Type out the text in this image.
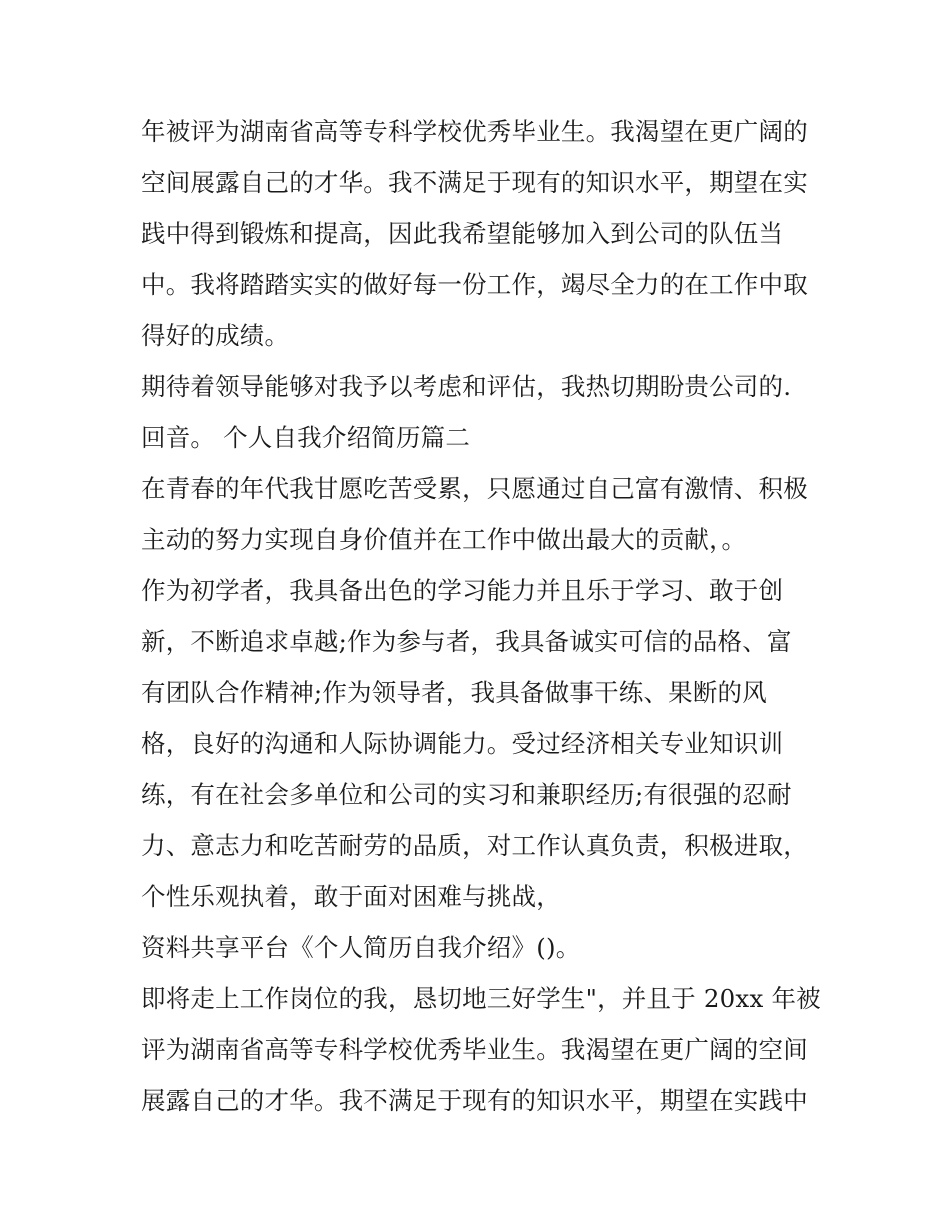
年被评为湖南省高等专科学校优秀毕业生。我渴望在更广阔的
空间展露自己的才华。我不满足于现有的知识水平，期望在实
践中得到锻炼和提高，因此我希望能够加入到公司的队伍当
中。我将踏踏实实的做好每一份工作，竭尽全力的在工作中取
得好的成绩。
期待着领导能够对我予以考虑和评估，我热切期盼贵公司的.
回音。 个人自我介绍简历篇二
在青春的年代我甘愿吃苦受累，只愿通过自己富有激情、积极
主动的努力实现自身价值并在工作中做出最大的贡献，。
作为初学者，我具备出色的学习能力并且乐于学习、敢于创
新，不断追求卓越;作为参与者，我具备诚实可信的品格、富
有团队合作精神;作为领导者，我具备做事干练、果断的风
格，良好的沟通和人际协调能力。受过经济相关专业知识训
练，有在社会多单位和公司的实习和兼职经历;有很强的忍耐
力、意志力和吃苦耐劳的品质，对工作认真负责，积极进取，
个性乐观执着，敢于面对困难与挑战，
资料共享平台《个人简历自我介绍》()。
即将走上工作岗位的我，恳切地三好学生"，并且于 20xx 年被
评为湖南省高等专科学校优秀毕业生。我渴望在更广阔的空间
展露自己的才华。我不满足于现有的知识水平，期望在实践中
